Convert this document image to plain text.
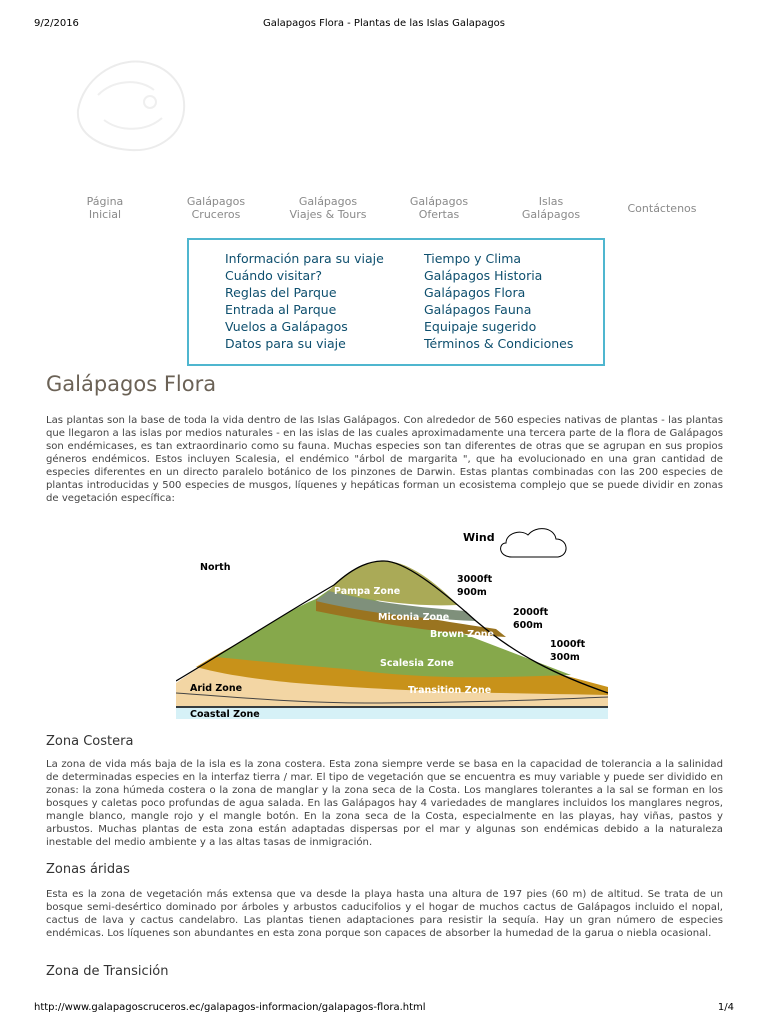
9/2/2016	Galapagos Flora - Plantas de las Islas Galapagos
Página
Inicial
Galápagos
Cruceros
Galápagos
Viajes & Tours
Galápagos
Ofertas
Islas
Galápagos	Contáctenos
Información para su viaje
Cuándo visitar?
Reglas del Parque
Entrada al Parque
Vuelos a Galápagos
Datos para su viaje
Tiempo y Clima
Galápagos Historia
Galápagos Flora
Galápagos Fauna
Equipaje sugerido
Términos & Condiciones
Galápagos Flora

Las plantas son la base de toda la vida dentro de las Islas Galápagos. Con alrededor de 560 especies nativas de plantas - las plantas que llegaron a las islas por medios naturales - en las islas de las cuales aproximadamente una tercera parte de la flora de Galápagos son endémicases, es tan extraordinario como su fauna. Muchas especies son tan diferentes de otras que se agrupan en sus propios géneros endémicos. Estos incluyen Scalesia, el endémico "árbol de margarita ", que ha evolucionado en una gran cantidad de especies diferentes en un directo paralelo botánico de los pinzones de Darwin. Estas plantas combinadas con las 200 especies de plantas introducidas y 500 especies de musgos, líquenes y hepáticas forman un ecosistema complejo que se puede dividir en zonas de vegetación específica:

North
Wind
Pampa Zone
Miconia Zone
Brown Zone
Scalesia Zone
Transition Zone
Arid Zone
Coastal Zone
3000ft
900m
2000ft
600m
1000ft
300m
Zona Costera

La zona de vida más baja de la isla es la zona costera. Esta zona siempre verde se basa en la capacidad de tolerancia a la salinidad de determinadas especies en la interfaz tierra / mar. El tipo de vegetación que se encuentra es muy variable y puede ser dividido en zonas: la zona húmeda costera o la zona de manglar y la zona seca de la Costa. Los manglares tolerantes a la sal se forman en los bosques y caletas poco profundas de agua salada. En las Galápagos hay 4 variedades de manglares incluidos los manglares negros, mangle blanco, mangle rojo y el mangle botón. En la zona seca de la Costa, especialmente en las playas, hay viñas, pastos y arbustos. Muchas plantas de esta zona están adaptadas dispersas por el mar y algunas son endémicas debido a la naturaleza inestable del medio ambiente y a las altas tasas de inmigración.

Zonas áridas

Esta es la zona de vegetación más extensa que va desde la playa hasta una altura de 197 pies (60 m) de altitud. Se trata de un bosque semi-desértico dominado por árboles y arbustos caducifolios y el hogar de muchos cactus de Galápagos incluido el nopal, cactus de lava y cactus candelabro. Las plantas tienen adaptaciones para resistir la sequía. Hay un gran número de especies endémicas. Los líquenes son abundantes en esta zona porque son capaces de absorber la humedad de la garua o niebla ocasional.

Zona de Transición
http://www.galapagoscruceros.ec/galapagos-informacion/galapagos-flora.html	1/4
